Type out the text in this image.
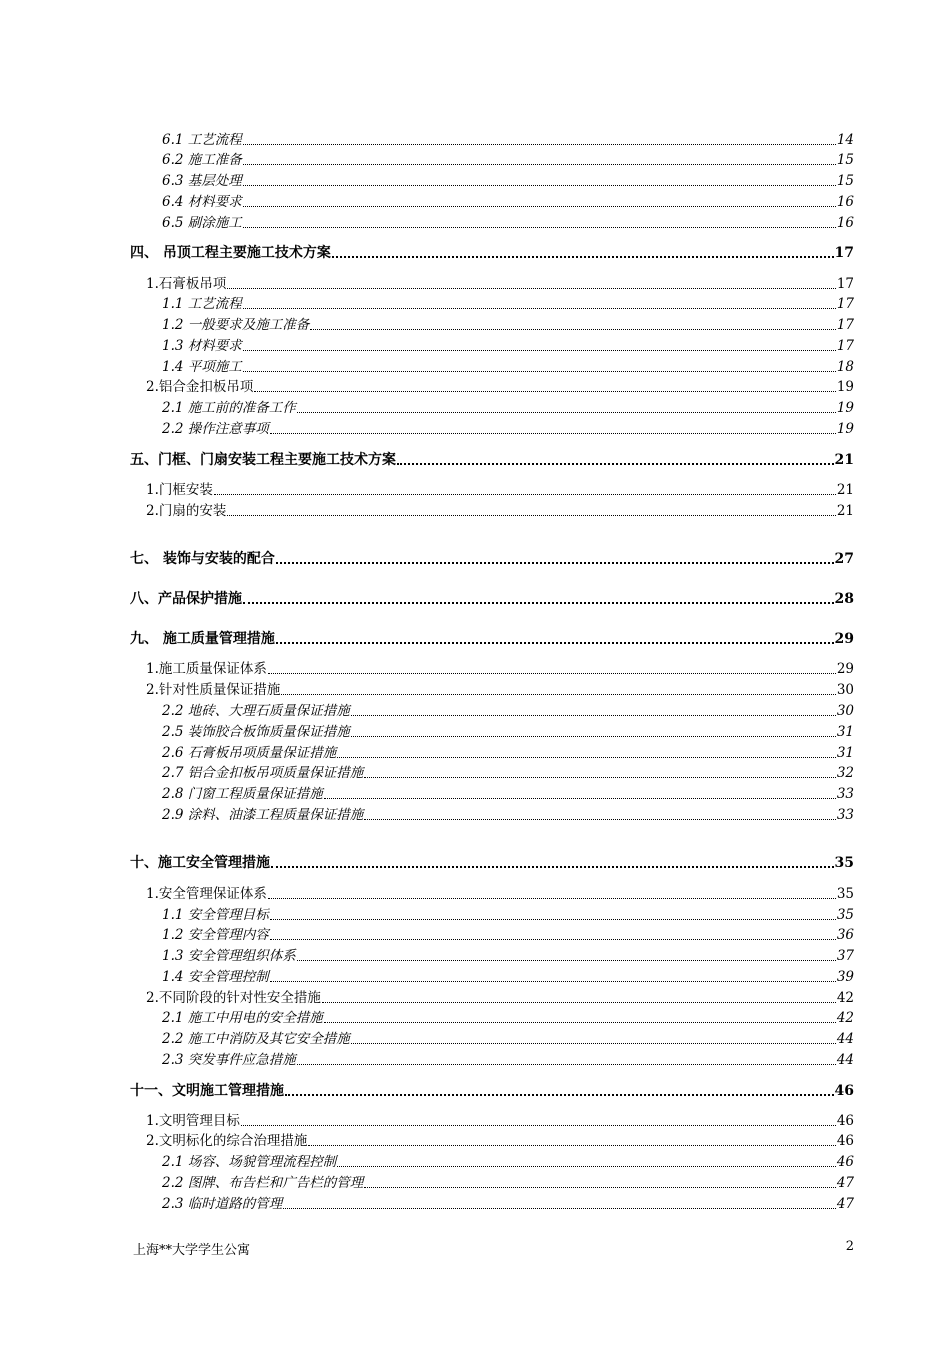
6.1 工艺流程	14
6.2 施工准备	15
6.3 基层处理	15
6.4 材料要求	16
6.5 刷涂施工	16
四、 吊顶工程主要施工技术方案	17
1.石膏板吊项	17
1.1 工艺流程	17
1.2 一般要求及施工准备	17
1.3 材料要求	17
1.4 平项施工	18
2.铝合金扣板吊项	19
2.1 施工前的准备工作	19
2.2 操作注意事项	19
五、门框、门扇安装工程主要施工技术方案	21
1.门框安装	21
2.门扇的安装	21
七、 装饰与安装的配合	27
八、产品保护措施	28
九、 施工质量管理措施	29
1.施工质量保证体系	29
2.针对性质量保证措施	30
2.2 地砖、大理石质量保证措施	30
2.5 装饰胶合板饰质量保证措施	31
2.6 石膏板吊项质量保证措施	31
2.7 铝合金扣板吊项质量保证措施	32
2.8 门窗工程质量保证措施	33
2.9 涂料、油漆工程质量保证措施	33
十、施工安全管理措施	35
1.安全管理保证体系	35
1.1 安全管理目标	35
1.2 安全管理内容	36
1.3 安全管理组织体系	37
1.4 安全管理控制	39
2.不同阶段的针对性安全措施	42
2.1 施工中用电的安全措施	42
2.2 施工中消防及其它安全措施	44
2.3 突发事件应急措施	44
十一、文明施工管理措施	46
1.文明管理目标	46
2.文明标化的综合治理措施	46
2.1 场容、场貌管理流程控制	46
2.2 图牌、布告栏和广告栏的管理	47
2.3 临时道路的管理	47
上海**大学学生公寓	2
